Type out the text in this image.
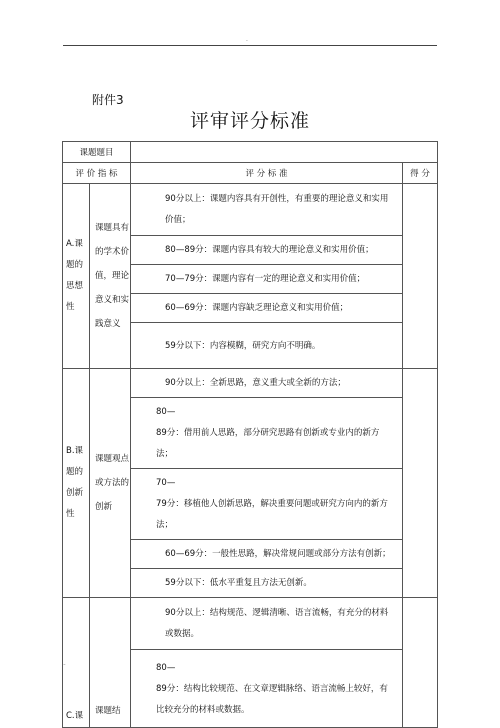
.
附件3
评审评分标准
课题题目			
评 价 指 标		评 分 标 准	得 分
A.课题的思想性	课题具有的学术价值，理论意义和实践意义	90分以上：课题内容具有开创性，有重要的理论意义和实用价值；	
		80—89分：课题内容具有较大的理论意义和实用价值；	
		70—79分：课题内容有一定的理论意义和实用价值；	
		60—69分：课题内容缺乏理论意义和实用价值；	
		59分以下：内容模糊，研究方向不明确。	
B.课题的创新性	课题观点或方法的创新	90分以上：全新思路，意义重大或全新的方法；	
		80—
89分：借用前人思路，部分研究思路有创新或专业内的新方法；	
		70—
79分：移植他人创新思路，解决重要问题或研究方向内的新方法；	
		60—69分：一般性思路，解决常规问题或部分方法有创新；	
		59分以下：低水平重复且方法无创新。	
C.课	课题结	90分以上：结构规范、逻辑清晰、语言流畅，有充分的材料或数据。	
		80—
89分：结构比较规范、在文章逻辑脉络、语言流畅上较好，有比较充分的材料或数据。	
..
